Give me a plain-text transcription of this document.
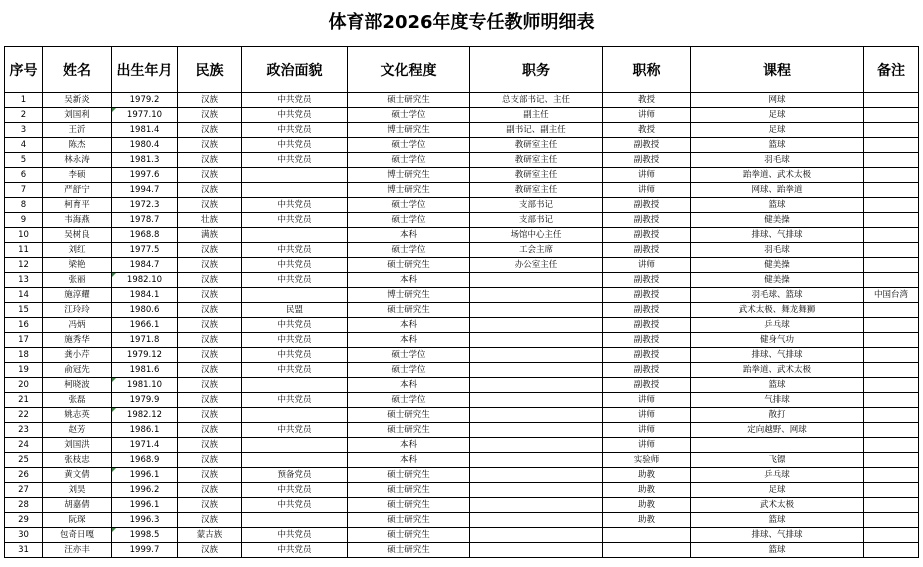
体育部2026年度专任教师明细表
序号	姓名	出生年月	民族	政治面貌	文化程度	职务	职称	课程	备注
1	吴新炎	1979.2	汉族	中共党员	硕士研究生	总支部书记、主任	教授	网球	
2	刘国利	1977.10	汉族	中共党员	硕士学位	副主任	讲师	足球	
3	王沂	1981.4	汉族	中共党员	博士研究生	副书记、副主任	教授	足球	
4	陈杰	1980.4	汉族	中共党员	硕士学位	教研室主任	副教授	篮球	
5	林永涛	1981.3	汉族	中共党员	硕士学位	教研室主任	副教授	羽毛球	
6	李硕	1997.6	汉族		博士研究生	教研室主任	讲师	跆拳道、武术太极	
7	严舒宁	1994.7	汉族		博士研究生	教研室主任	讲师	网球、跆拳道	
8	柯育平	1972.3	汉族	中共党员	硕士学位	支部书记	副教授	篮球	
9	韦海燕	1978.7	壮族	中共党员	硕士学位	支部书记	副教授	健美操	
10	吴树良	1968.8	满族		本科	场馆中心主任	副教授	排球、气排球	
11	刘红	1977.5	汉族	中共党员	硕士学位	工会主席	副教授	羽毛球	
12	梁艳	1984.7	汉族	中共党员	硕士研究生	办公室主任	讲师	健美操	
13	张丽	1982.10	汉族	中共党员	本科		副教授	健美操	
14	施淳耀	1984.1	汉族		博士研究生		副教授	羽毛球、篮球	中国台湾
15	江玲玲	1980.6	汉族	民盟	硕士研究生		副教授	武术太极、舞龙舞狮	
16	冯炳	1966.1	汉族	中共党员	本科		副教授	乒乓球	
17	施秀华	1971.8	汉族	中共党员	本科		副教授	健身气功	
18	龚小芹	1979.12	汉族	中共党员	硕士学位		副教授	排球、气排球	
19	俞冠先	1981.6	汉族	中共党员	硕士学位		副教授	跆拳道、武术太极	
20	柯晓波	1981.10	汉族		本科		副教授	篮球	
21	张磊	1979.9	汉族	中共党员	硕士学位		讲师	气排球	
22	姚志英	1982.12	汉族		硕士研究生		讲师	散打	
23	赵芳	1986.1	汉族	中共党员	硕士研究生		讲师	定向越野、网球	
24	刘国洪	1971.4	汉族		本科		讲师		
25	张枝忠	1968.9	汉族		本科		实验师	飞镖	
26	黄文倩	1996.1	汉族	预备党员	硕士研究生		助教	乒乓球	
27	刘昊	1996.2	汉族	中共党员	硕士研究生		助教	足球	
28	胡嘉倩	1996.1	汉族	中共党员	硕士研究生		助教	武术太极	
29	阮琛	1996.3	汉族		硕士研究生		助教	篮球	
30	包奇日嘎	1998.5	蒙古族	中共党员	硕士研究生			排球、气排球	
31	汪亦丰	1999.7	汉族	中共党员	硕士研究生			篮球	
